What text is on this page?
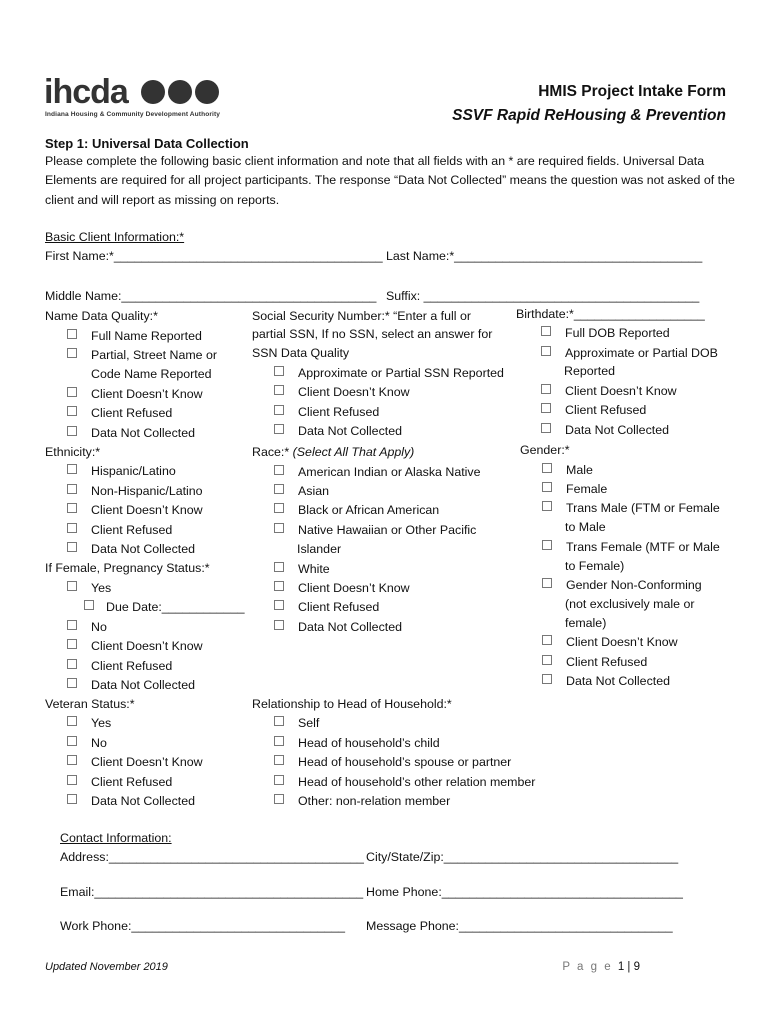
ihcda
Indiana Housing & Community Development Authority
HMIS Project Intake Form
SSVF Rapid ReHousing & Prevention
Step 1: Universal Data Collection
Please complete the following basic client information and note that all fields with an * are required fields. Universal Data Elements are required for all project participants. The response “Data Not Collected” means the question was not asked of the client and will report as missing on reports.
Basic Client Information:*
First Name:*_______________________________________ Last Name:*____________________________________
Middle Name:_____________________________________ Suffix: ________________________________________
Name Data Quality:*
Full Name Reported
Partial, Street Name or
Code Name Reported
Client Doesn’t Know
Client Refused
Data Not Collected
Ethnicity:*
Hispanic/Latino
Non-Hispanic/Latino
Client Doesn’t Know
Client Refused
Data Not Collected
If Female, Pregnancy Status:*
Yes
Due Date:____________
No
Client Doesn’t Know
Client Refused
Data Not Collected
Veteran Status:*
Yes
No
Client Doesn’t Know
Client Refused
Data Not Collected
Social Security Number:* “Enter a full or
partial SSN, If no SSN, select an answer for
SSN Data Quality
Approximate or Partial SSN Reported
Client Doesn’t Know
Client Refused
Data Not Collected
Race:* (Select All That Apply)
American Indian or Alaska Native
Asian
Black or African American
Native Hawaiian or Other Pacific
Islander
White
Client Doesn’t Know
Client Refused
Data Not Collected
Relationship to Head of Household:*
Self
Head of household’s child
Head of household’s spouse or partner
Head of household’s other relation member
Other: non-relation member
Birthdate:*___________________
Full DOB Reported
Approximate or Partial DOB
Reported
Client Doesn’t Know
Client Refused
Data Not Collected
Gender:*
Male
Female
Trans Male (FTM or Female
to Male
Trans Female (MTF or Male
to Female)
Gender Non-Conforming
(not exclusively male or
female)
Client Doesn’t Know
Client Refused
Data Not Collected
Contact Information:
Address:_____________________________________ City/State/Zip:__________________________________
Email:_______________________________________ Home Phone:___________________________________
Work Phone:_______________________________ Message Phone:_______________________________
Updated November 2019	P a g e 1 | 9
